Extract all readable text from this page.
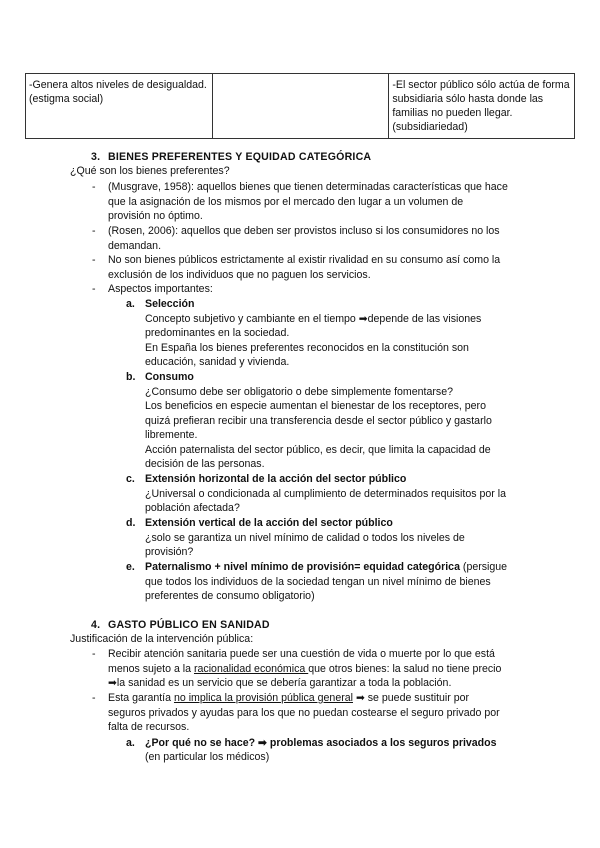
-Genera altos niveles de desigualdad.(estigma social)		-El sector público sólo actúa de forma subsidiaria sólo hasta donde las familias no pueden llegar. (subsidiariedad)
3. BIENES PREFERENTES Y EQUIDAD CATEGÓRICA
¿Qué son los bienes preferentes?
- (Musgrave, 1958): aquellos bienes que tienen determinadas características que hace
que la asignación de los mismos por el mercado den lugar a un volumen de
provisión no óptimo.
- (Rosen, 2006): aquellos que deben ser provistos incluso si los consumidores no los
demandan.
- No son bienes públicos estrictamente al existir rivalidad en su consumo así como la
exclusión de los individuos que no paguen los servicios.
- Aspectos importantes:
a. Selección
Concepto subjetivo y cambiante en el tiempo ➡depende de las visiones
predominantes en la sociedad.
En España los bienes preferentes reconocidos en la constitución son
educación, sanidad y vivienda.
b. Consumo
¿Consumo debe ser obligatorio o debe simplemente fomentarse?
Los beneficios en especie aumentan el bienestar de los receptores, pero
quizá prefieran recibir una transferencia desde el sector público y gastarlo
libremente.
Acción paternalista del sector público, es decir, que limita la capacidad de
decisión de las personas.
c. Extensión horizontal de la acción del sector público
¿Universal o condicionada al cumplimiento de determinados requisitos por la
población afectada?
d. Extensión vertical de la acción del sector público
¿solo se garantiza un nivel mínimo de calidad o todos los niveles de
provisión?
e. Paternalismo + nivel mínimo de provisión= equidad categórica (persigue
que todos los individuos de la sociedad tengan un nivel mínimo de bienes
preferentes de consumo obligatorio)
4. GASTO PÚBLICO EN SANIDAD
Justificación de la intervención pública:
- Recibir atención sanitaria puede ser una cuestión de vida o muerte por lo que está
menos sujeto a la racionalidad económica que otros bienes: la salud no tiene precio
➡la sanidad es un servicio que se debería garantizar a toda la población.
- Esta garantía no implica la provisión pública general ➡ se puede sustituir por
seguros privados y ayudas para los que no puedan costearse el seguro privado por
falta de recursos.
a. ¿Por qué no se hace? ➡ problemas asociados a los seguros privados
(en particular los médicos)
